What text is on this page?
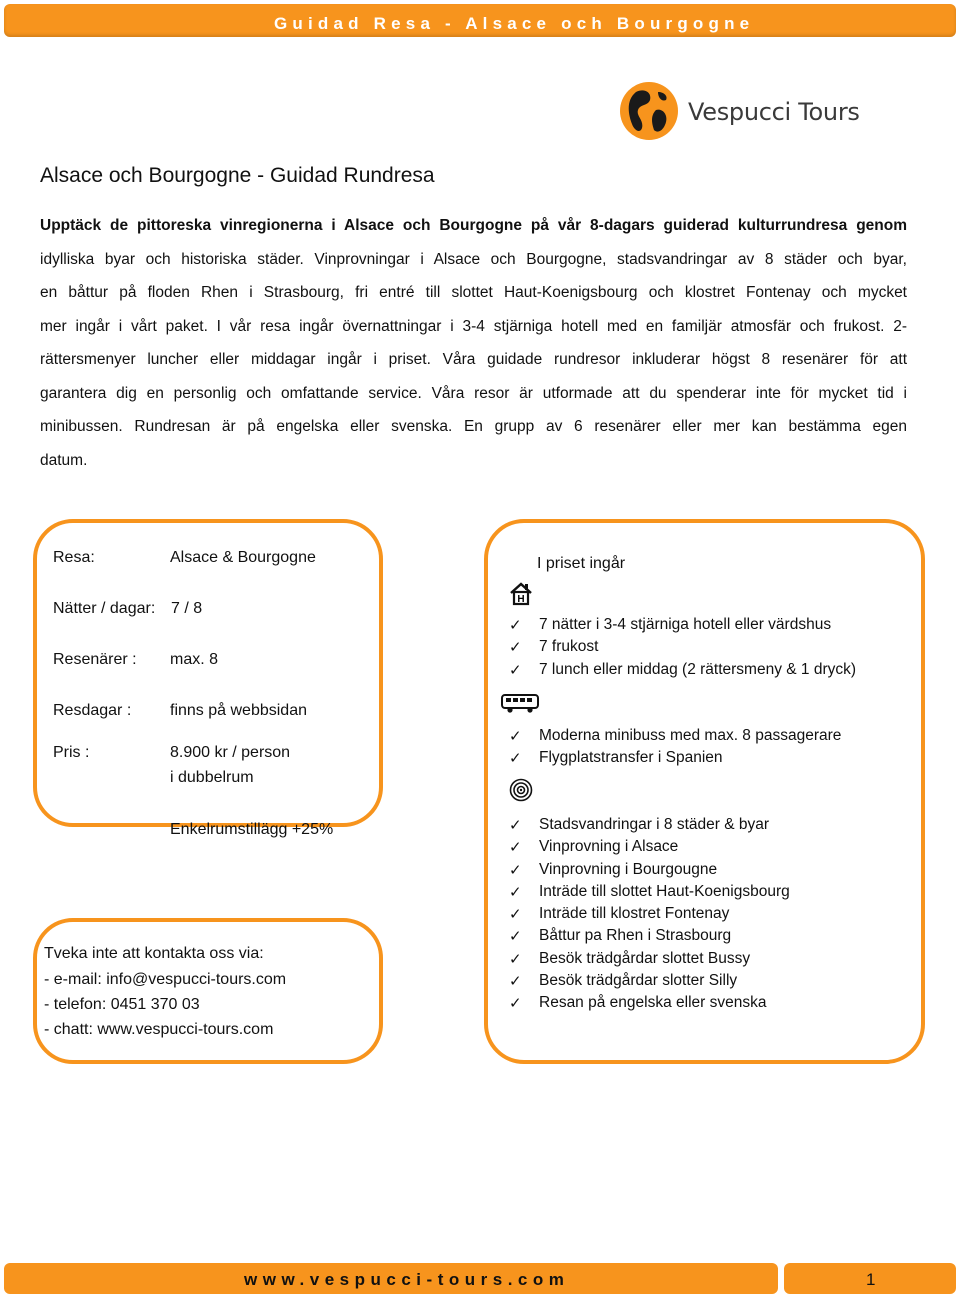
Guidad Resa - Alsace och Bourgogne
Vespucci Tours
Alsace och Bourgogne - Guidad Rundresa
Upptäck de pittoreska vinregionerna i Alsace och Bourgogne på vår 8-dagars guiderad kulturrundresa genom
idylliska byar och historiska städer. Vinprovningar i Alsace och Bourgogne, stadsvandringar av 8 städer och byar,
en båttur på floden Rhen i Strasbourg, fri entré till slottet Haut-Koenigsbourg och klostret Fontenay och mycket
mer ingår i vårt paket. I vår resa ingår övernattningar i 3-4 stjärniga hotell med en familjär atmosfär och frukost. 2-
rättersmenyer luncher eller middagar ingår i priset. Våra guidade rundresor inkluderar högst 8 resenärer för att
garantera dig en personlig och omfattande service. Våra resor är utformade att du spenderar inte för mycket tid i
minibussen. Rundresan är på engelska eller svenska. En grupp av 6 resenärer eller mer kan bestämma egen
datum.
Resa:	Alsace & Bourgogne
Nätter / dagar: 7 / 8
Resenärer : max. 8
Resdagar : finns på webbsidan
Pris :	8.900 kr / person
i dubbelrum
Enkelrumstillägg +25%
Tveka inte att kontakta oss via:
- e-mail: info@vespucci-tours.com
- telefon: 0451 370 03
- chatt: www.vespucci-tours.com
I priset ingår
H
✓ 7 nätter i 3-4 stjärniga hotell eller värdshus
✓ 7 frukost
✓ 7 lunch eller middag (2 rättersmeny & 1 dryck)
✓ Moderna minibuss med max. 8 passagerare
✓ Flygplatstransfer i Spanien
✓ Stadsvandringar i 8 städer & byar
✓ Vinprovning i Alsace
✓ Vinprovning i Bourgougne
✓ Inträde till slottet Haut-Koenigsbourg
✓ Inträde till klostret Fontenay
✓ Båttur pa Rhen i Strasbourg
✓ Besök trädgårdar slottet Bussy
✓ Besök trädgårdar slotter Silly
✓ Resan på engelska eller svenska
www.vespucci-tours.com	1
